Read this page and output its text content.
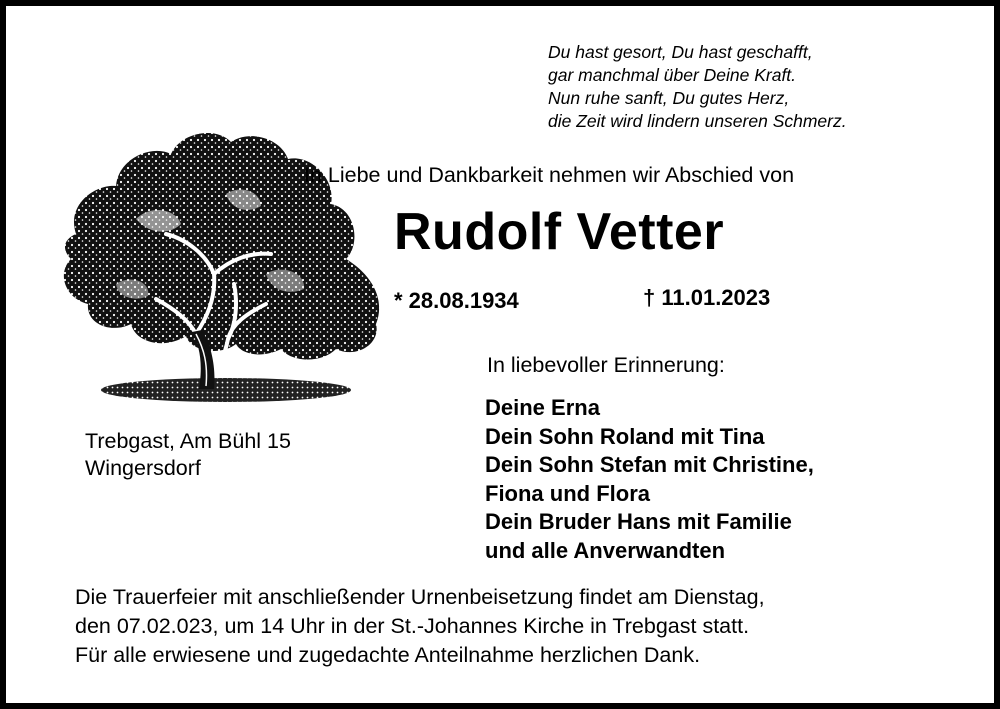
Du hast gesort, Du hast geschafft,
gar manchmal über Deine Kraft.
Nun ruhe sanft, Du gutes Herz,
die Zeit wird lindern unseren Schmerz.
In Liebe und Dankbarkeit nehmen wir Abschied von
Rudolf Vetter
* 28.08.1934	† 11.01.2023
In liebevoller Erinnerung:
Deine Erna
Dein Sohn Roland mit Tina
Dein Sohn Stefan mit Christine,
Fiona und Flora
Dein Bruder Hans mit Familie
und alle Anverwandten
Trebgast, Am Bühl 15
Wingersdorf
Die Trauerfeier mit anschließender Urnenbeisetzung findet am Dienstag,
den 07.02.023, um 14 Uhr in der St.-Johannes Kirche in Trebgast statt.
Für alle erwiesene und zugedachte Anteilnahme herzlichen Dank.
